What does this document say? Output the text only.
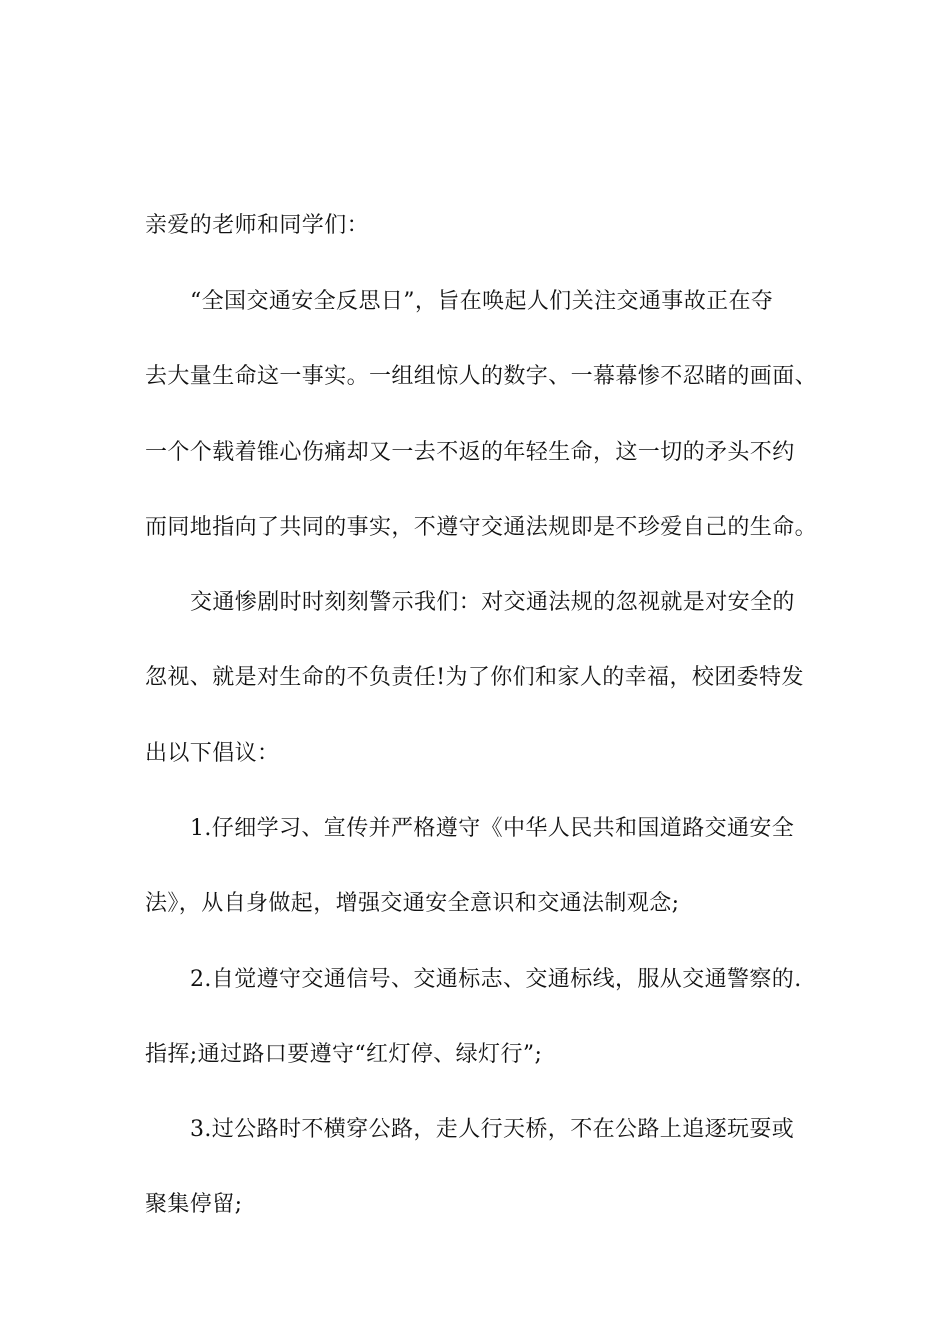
亲爱的老师和同学们：
“全国交通安全反思日”，旨在唤起人们关注交通事故正在夺
去大量生命这一事实。一组组惊人的数字、一幕幕惨不忍睹的画面、
一个个载着锥心伤痛却又一去不返的年轻生命，这一切的矛头不约
而同地指向了共同的事实，不遵守交通法规即是不珍爱自己的生命。
交通惨剧时时刻刻警示我们：对交通法规的忽视就是对安全的
忽视、就是对生命的不负责任!为了你们和家人的幸福，校团委特发
出以下倡议：
1.仔细学习、宣传并严格遵守《中华人民共和国道路交通安全
法》，从自身做起，增强交通安全意识和交通法制观念;
2.自觉遵守交通信号、交通标志、交通标线，服从交通警察的.
指挥;通过路口要遵守“红灯停、绿灯行”;
3.过公路时不横穿公路，走人行天桥，不在公路上追逐玩耍或
聚集停留;
